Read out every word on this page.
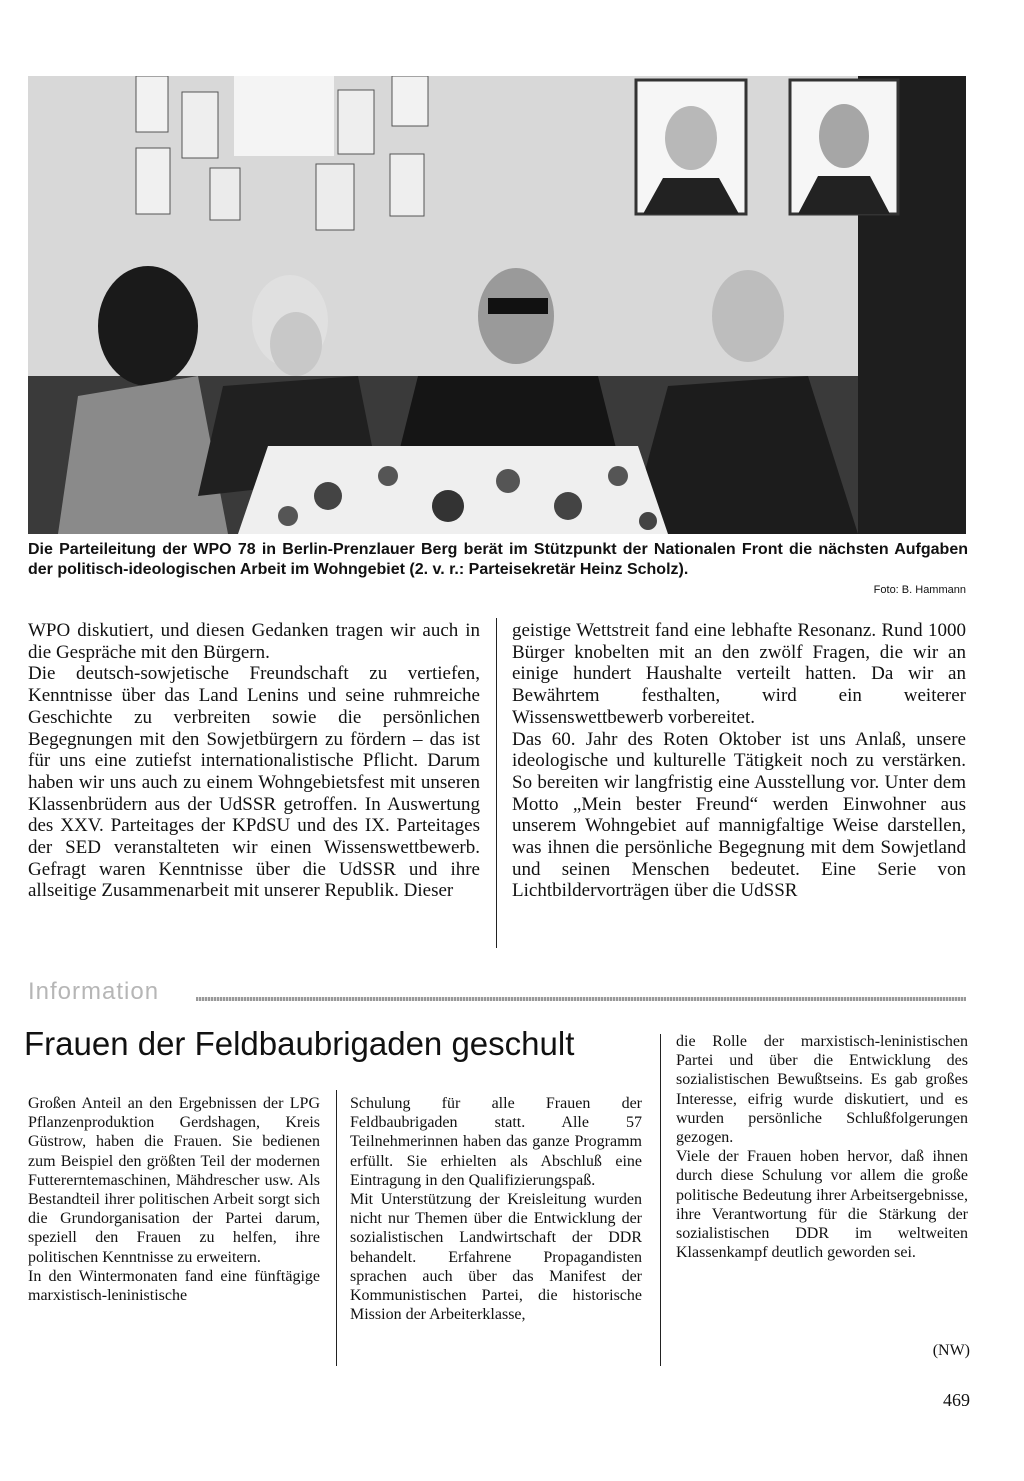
Die Parteileitung der WPO 78 in Berlin-Prenzlauer Berg berät im Stützpunkt der Nationalen Front die nächsten Aufgaben der politisch-ideologischen Arbeit im Wohngebiet (2. v. r.: Parteisekretär Heinz Scholz).
Foto: B. Hammann

WPO diskutiert, und diesen Gedanken tragen wir auch in die Gespräche mit den Bürgern.

Die deutsch-sowjetische Freundschaft zu vertiefen, Kenntnisse über das Land Lenins und seine ruhmreiche Geschichte zu verbreiten sowie die persönlichen Begegnungen mit den Sowjetbürgern zu fördern – das ist für uns eine zutiefst internationalistische Pflicht. Darum haben wir uns auch zu einem Wohngebietsfest mit unseren Klassenbrüdern aus der UdSSR getroffen. In Auswertung des XXV. Parteitages der KPdSU und des IX. Parteitages der SED veranstalteten wir einen Wissenswettbewerb. Gefragt waren Kenntnisse über die UdSSR und ihre allseitige Zusammenarbeit mit unserer Republik. Dieser

geistige Wettstreit fand eine lebhafte Resonanz. Rund 1000 Bürger knobelten mit an den zwölf Fragen, die wir an einige hundert Haushalte verteilt hatten. Da wir an Bewährtem festhalten, wird ein weiterer Wissenswettbewerb vorbereitet.

Das 60. Jahr des Roten Oktober ist uns Anlaß, unsere ideologische und kulturelle Tätigkeit noch zu verstärken. So bereiten wir langfristig eine Ausstellung vor. Unter dem Motto „Mein bester Freund“ werden Einwohner aus unserem Wohngebiet auf mannigfaltige Weise darstellen, was ihnen die persönliche Begegnung mit dem Sowjetland und seinen Menschen bedeutet. Eine Serie von Lichtbildervorträgen über die UdSSR

Information
Frauen der Feldbaubrigaden geschult

Großen Anteil an den Ergebnissen der LPG Pflanzenproduktion Gerdshagen, Kreis Güstrow, haben die Frauen. Sie bedienen zum Beispiel den größten Teil der modernen Futtererntemaschinen, Mähdrescher usw. Als Bestandteil ihrer politischen Arbeit sorgt sich die Grundorganisation der Partei darum, speziell den Frauen zu helfen, ihre politischen Kenntnisse zu erweitern.

In den Wintermonaten fand eine fünftägige marxistisch-leninistische

Schulung für alle Frauen der Feldbaubrigaden statt. Alle 57 Teilnehmerinnen haben das ganze Programm erfüllt. Sie erhielten als Abschluß eine Eintragung in den Qualifizierungspaß.

Mit Unterstützung der Kreisleitung wurden nicht nur Themen über die Entwicklung der sozialistischen Landwirtschaft der DDR behandelt. Erfahrene Propagandisten sprachen auch über das Manifest der Kommunistischen Partei, die historische Mission der Arbeiterklasse,

die Rolle der marxistisch-leninistischen Partei und über die Entwicklung des sozialistischen Bewußtseins. Es gab großes Interesse, eifrig wurde diskutiert, und es wurden persönliche Schlußfolgerungen gezogen.

Viele der Frauen hoben hervor, daß ihnen durch diese Schulung vor allem die große politische Bedeutung ihrer Arbeitsergebnisse, ihre Verantwortung für die Stärkung der sozialistischen DDR im weltweiten Klassenkampf deutlich geworden sei.

(NW)
469
